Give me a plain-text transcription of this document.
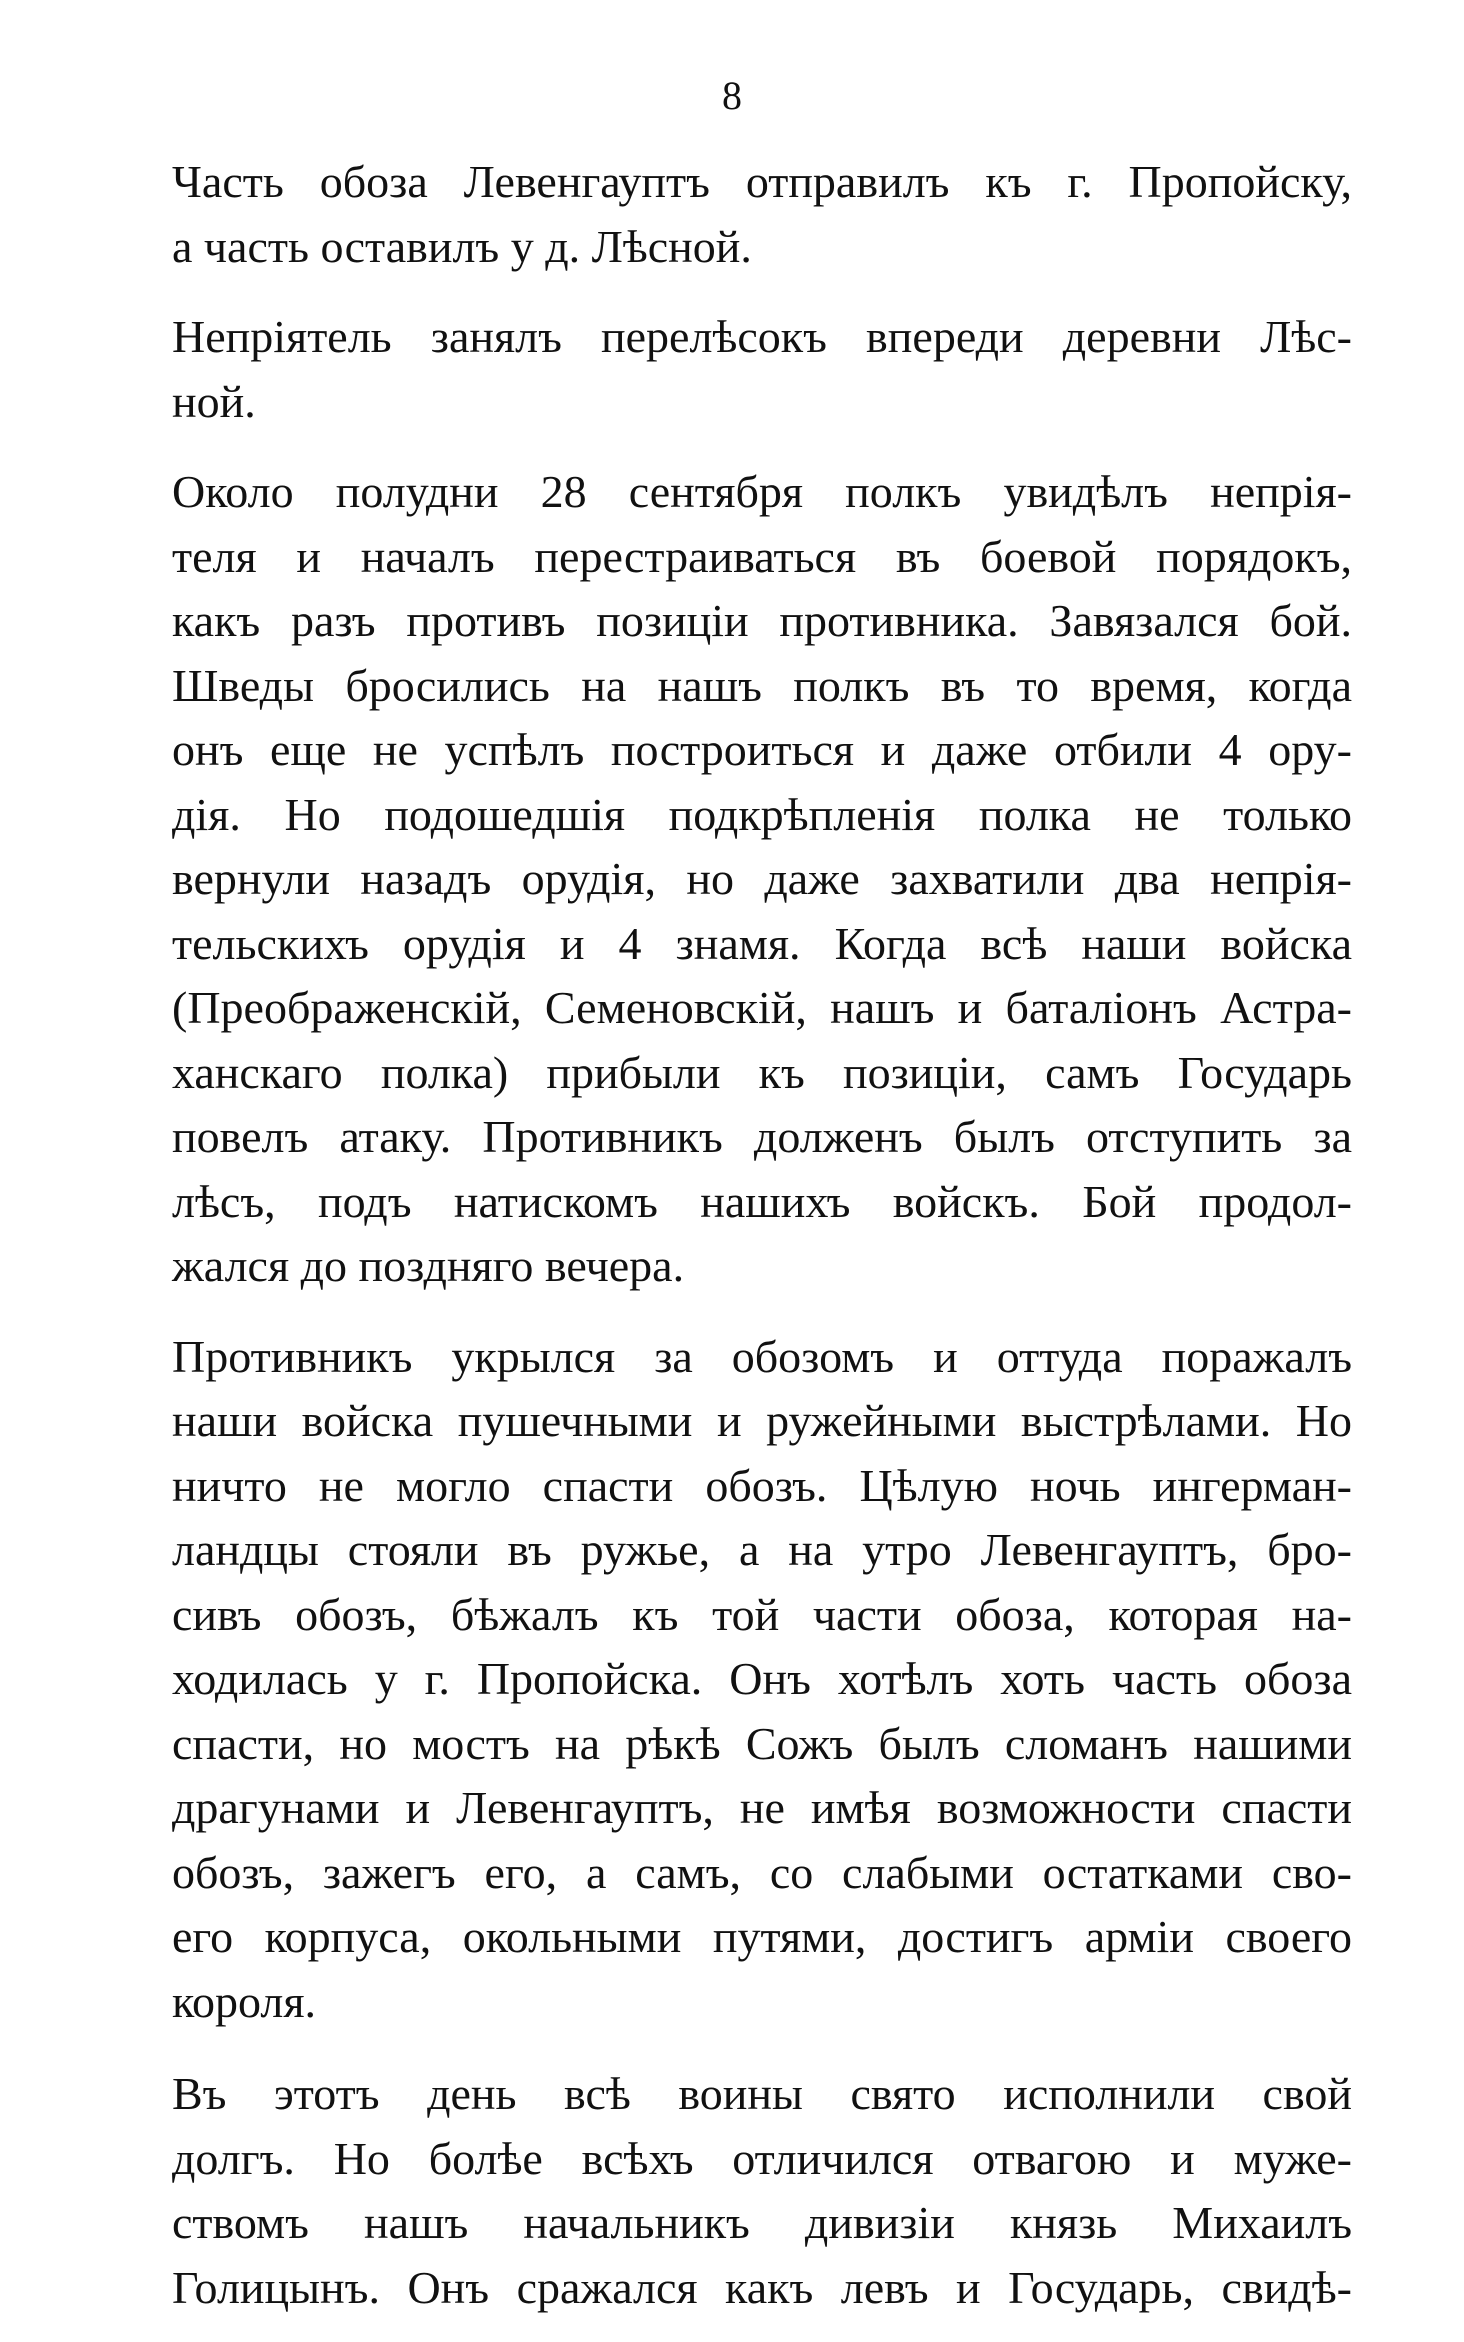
8

Часть обоза Левенгауптъ отправилъ къ г. Пропойску,
а часть оставилъ у д. Лѣсной.

Непріятель занялъ перелѣсокъ впереди деревни Лѣс-
ной.

Около полудни 28 сентября полкъ увидѣлъ непрія-
теля и началъ перестраиваться въ боевой порядокъ,
какъ разъ противъ позиціи противника. Завязался бой.
Шведы бросились на нашъ полкъ въ то время, когда
онъ еще не успѣлъ построиться и даже отбили 4 ору-
дія. Но подошедшія подкрѣпленія полка не только
вернули назадъ орудія, но даже захватили два непрія-
тельскихъ орудія и 4 знамя. Когда всѣ наши войска
(Преображенскій, Семеновскій, нашъ и баталіонъ Астра-
ханскаго полка) прибыли къ позиціи, самъ Государь
повелъ атаку. Противникъ долженъ былъ отступить за
лѣсъ, подъ натискомъ нашихъ войскъ. Бой продол-
жался до поздняго вечера.

Противникъ укрылся за обозомъ и оттуда поражалъ
наши войска пушечными и ружейными выстрѣлами. Но
ничто не могло спасти обозъ. Цѣлую ночь ингерман-
ландцы стояли въ ружье, а на утро Левенгауптъ, бро-
сивъ обозъ, бѣжалъ къ той части обоза, которая на-
ходилась у г. Пропойска. Онъ хотѣлъ хоть часть обоза
спасти, но мостъ на рѣкѣ Сожъ былъ сломанъ нашими
драгунами и Левенгауптъ, не имѣя возможности спасти
обозъ, зажегъ его, а самъ, со слабыми остатками сво-
его корпуса, окольными путями, достигъ арміи своего
короля.

Въ этотъ день всѣ воины свято исполнили свой
долгъ. Но болѣе всѣхъ отличился отвагою и муже-
ствомъ нашъ начальникъ дивизіи князь Михаилъ
Голицынъ. Онъ сражался какъ левъ и Государь, свидѣ-
